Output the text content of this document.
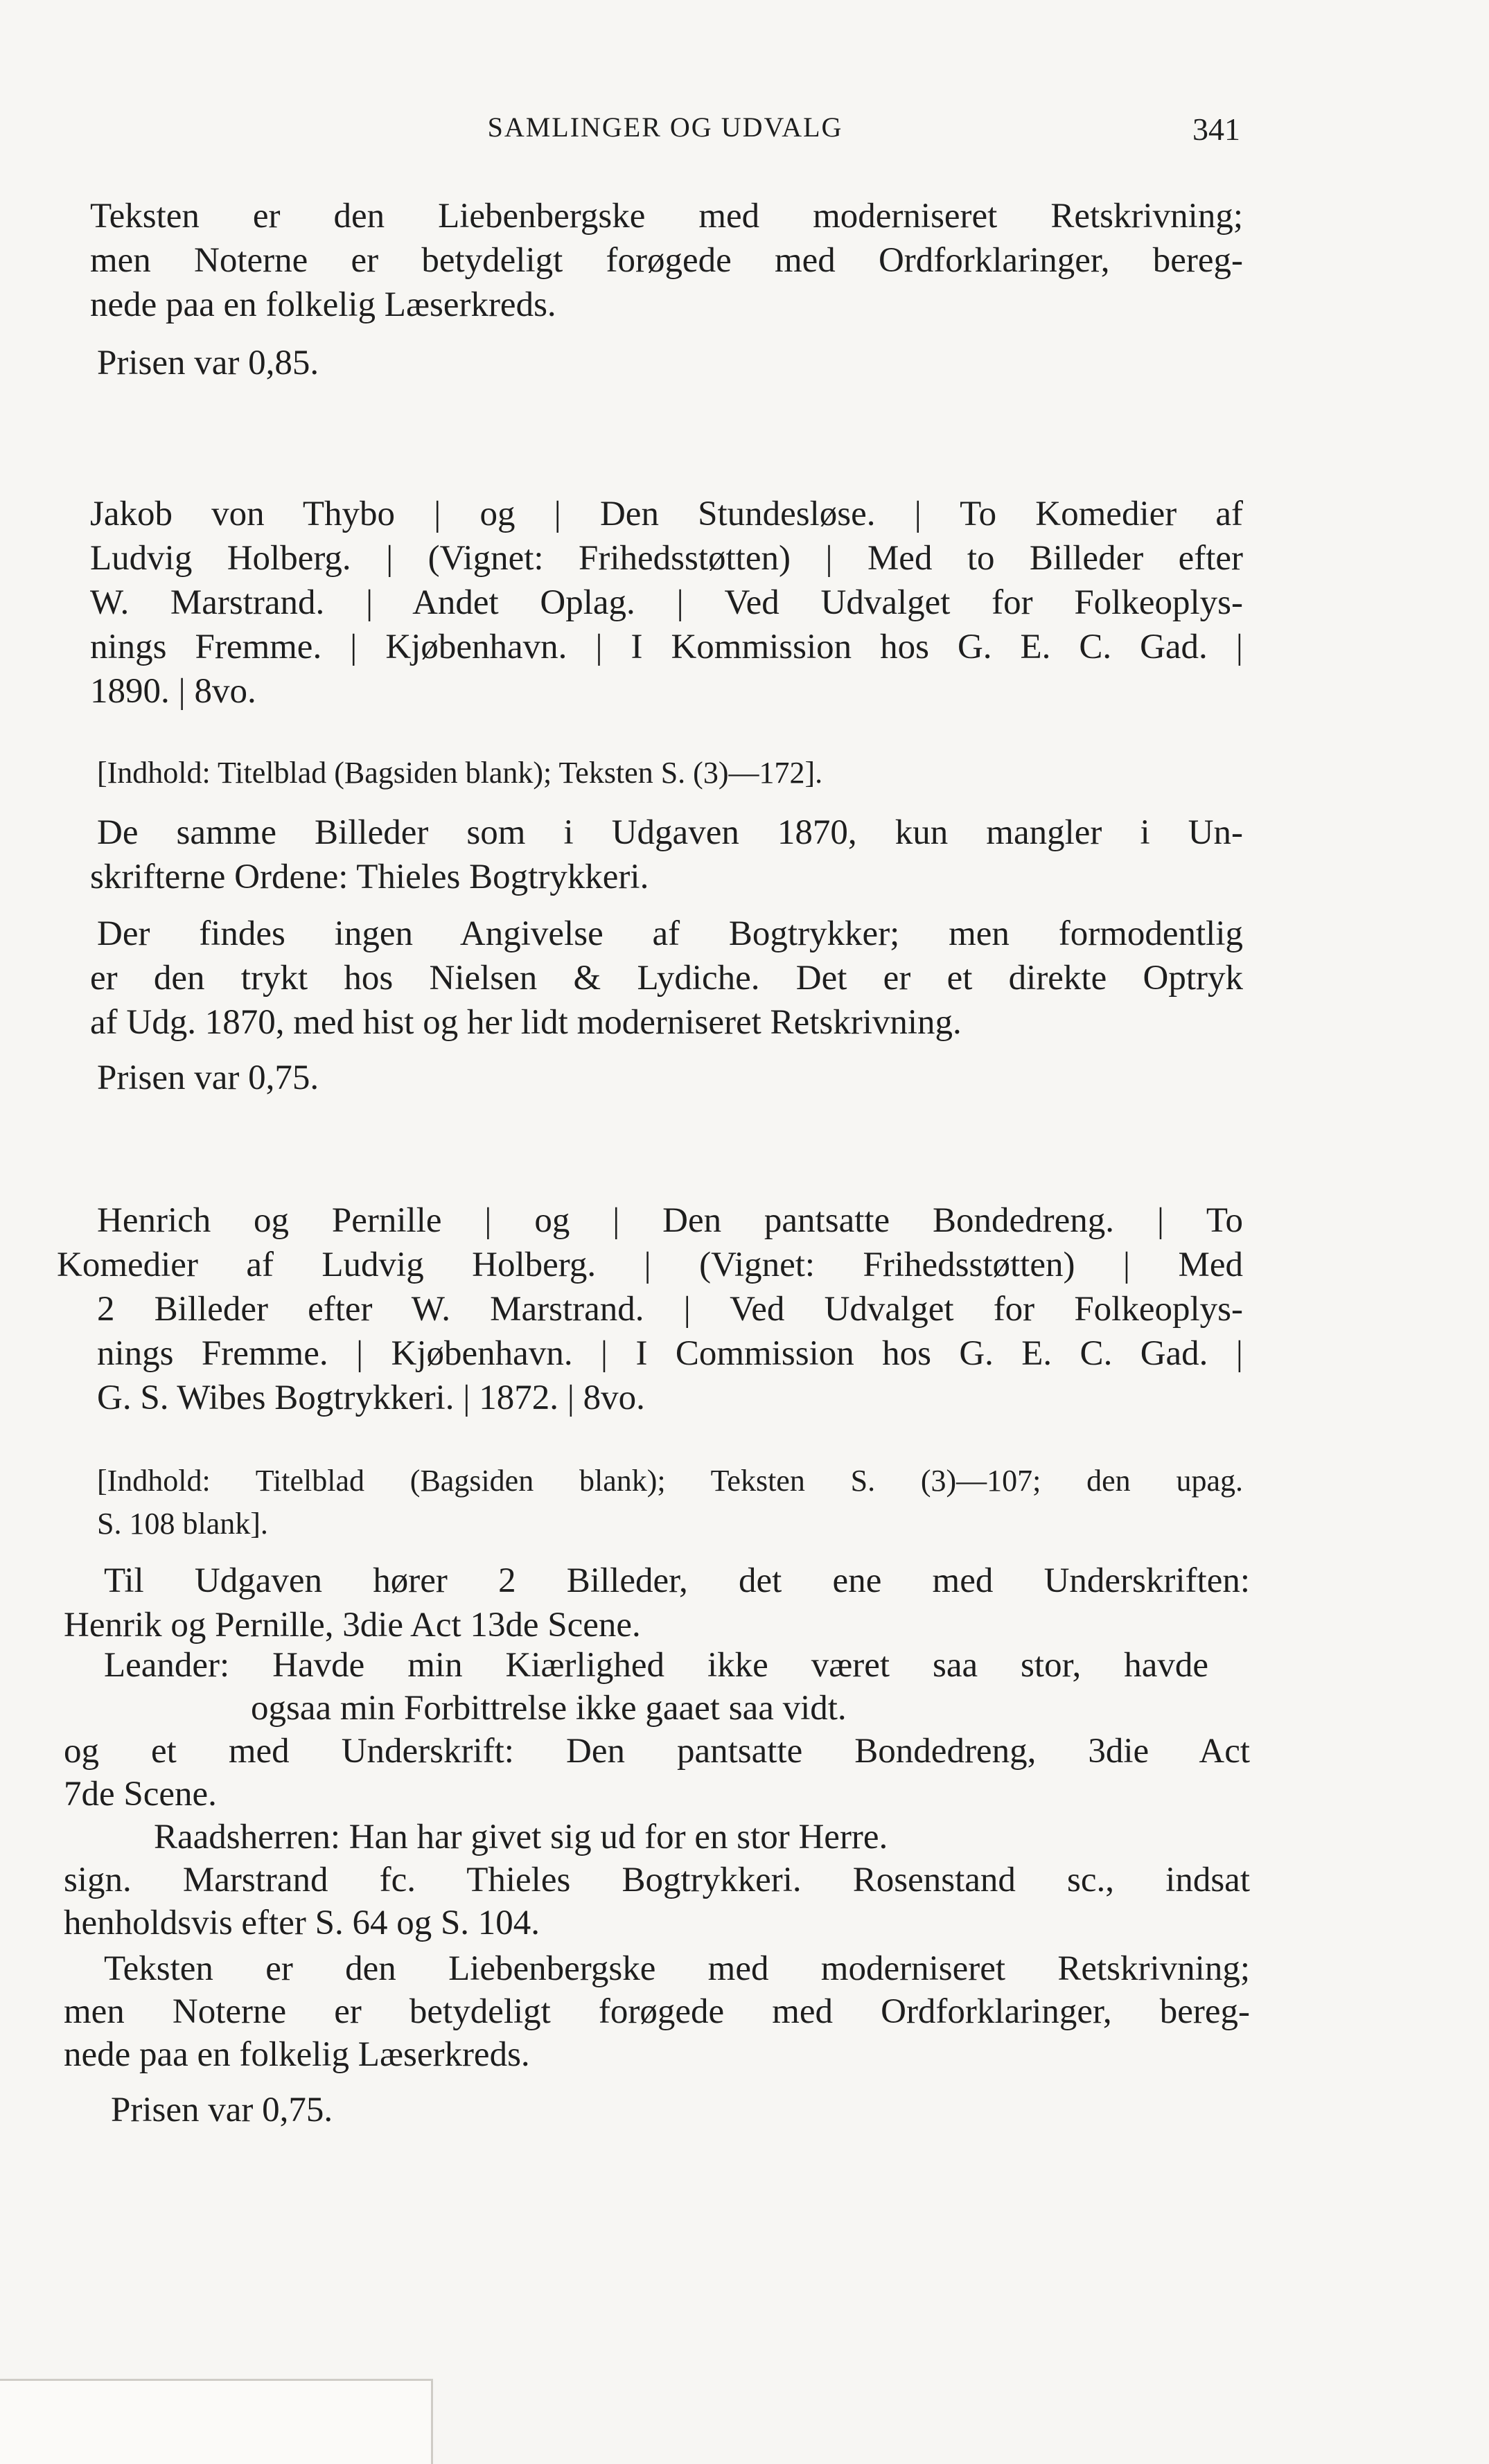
SAMLINGER OG UDVALG	341
Teksten er den Liebenbergske med moderniseret Retskrivning;
men Noterne er betydeligt forøgede med Ordforklaringer, bereg-
nede paa en folkelig Læserkreds.
Prisen var 0,85.
Jakob von Thybo | og | Den Stundesløse. | To Komedier af
Ludvig Holberg. | (Vignet: Frihedsstøtten) | Med to Billeder efter
W. Marstrand. | Andet Oplag. | Ved Udvalget for Folkeoplys-
nings Fremme. | Kjøbenhavn. | I Kommission hos G. E. C. Gad. |
1890. | 8vo.
[Indhold: Titelblad (Bagsiden blank); Teksten S. (3)—172].
De samme Billeder som i Udgaven 1870, kun mangler i Un-
skrifterne Ordene: Thieles Bogtrykkeri.
Der findes ingen Angivelse af Bogtrykker; men formodentlig
er den trykt hos Nielsen & Lydiche. Det er et direkte Optryk
af Udg. 1870, med hist og her lidt moderniseret Retskrivning.
Prisen var 0,75.
Henrich og Pernille | og | Den pantsatte Bondedreng. | To
Komedier af Ludvig Holberg. | (Vignet: Frihedsstøtten) | Med
2 Billeder efter W. Marstrand. | Ved Udvalget for Folkeoplys-
nings Fremme. | Kjøbenhavn. | I Commission hos G. E. C. Gad. |
G. S. Wibes Bogtrykkeri. | 1872. | 8vo.
[Indhold: Titelblad (Bagsiden blank); Teksten S. (3)—107; den upag.
S. 108 blank].
Til Udgaven hører 2 Billeder, det ene med Underskriften:
Henrik og Pernille, 3die Act 13de Scene.
Leander: Havde min Kiærlighed ikke været saa stor, havde
ogsaa min Forbittrelse ikke gaaet saa vidt.
og et med Underskrift: Den pantsatte Bondedreng, 3die Act
7de Scene.
Raadsherren: Han har givet sig ud for en stor Herre.
sign. Marstrand fc. Thieles Bogtrykkeri. Rosenstand sc., indsat
henholdsvis efter S. 64 og S. 104.
Teksten er den Liebenbergske med moderniseret Retskrivning;
men Noterne er betydeligt forøgede med Ordforklaringer, bereg-
nede paa en folkelig Læserkreds.
Prisen var 0,75.
